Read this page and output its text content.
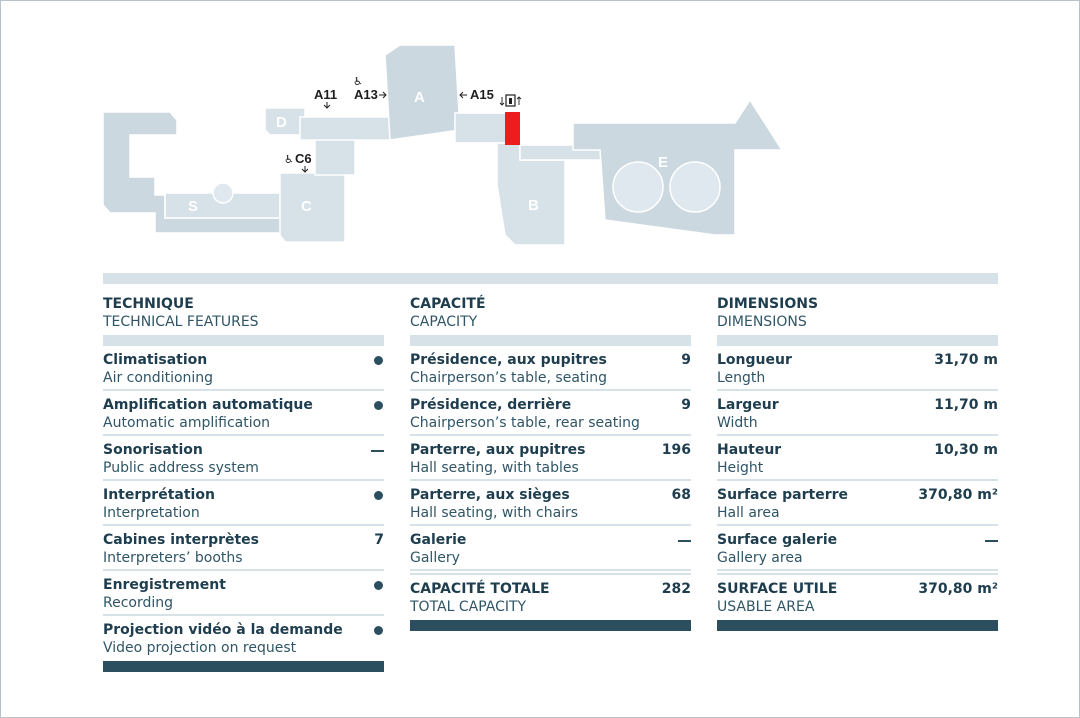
A
B
C
D
E
S
A11 A13	A15
C6
♿
♿
TECHNIQUE
TECHNICAL FEATURES
Climatisation
Air conditioning
Amplification automatique
Automatic amplification
Sonorisation
Public address system
Interprétation
Interpretation
Cabines interprètes
Interpreters’ booths
7
Enregistrement
Recording
Projection vidéo à la demande
Video projection on request
CAPACITÉ
CAPACITY
Présidence, aux pupitres
Chairperson’s table, seating
9
Présidence, derrière
Chairperson’s table, rear seating
9
Parterre, aux pupitres
Hall seating, with tables
196
Parterre, aux sièges
Hall seating, with chairs
68
Galerie
Gallery
CAPACITÉ TOTALE
TOTAL CAPACITY
282
DIMENSIONS
DIMENSIONS
Longueur
Length
31,70 m
Largeur
Width
11,70 m
Hauteur
Height
10,30 m
Surface parterre
Hall area
370,80 m²
Surface galerie
Gallery area
SURFACE UTILE
USABLE AREA
370,80 m²
